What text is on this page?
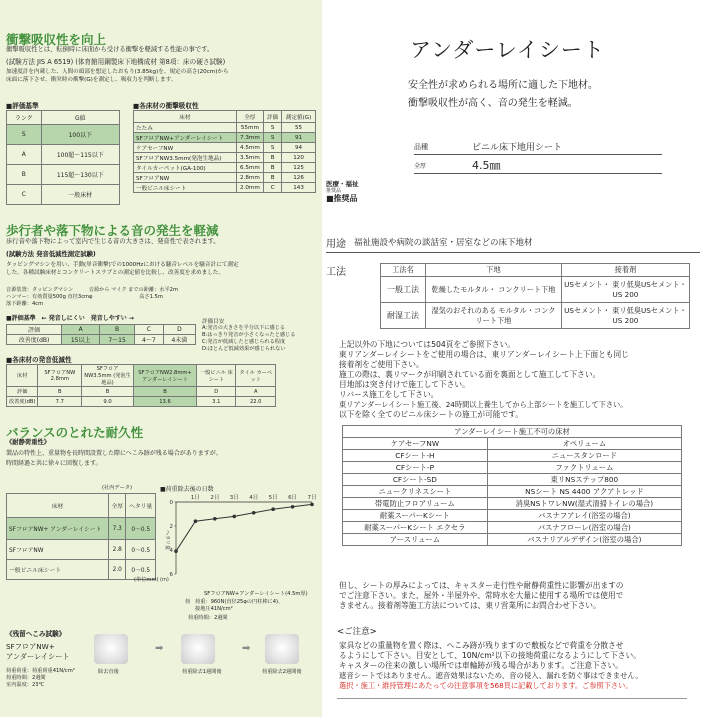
衝撃吸収性を向上
衝撃吸収性とは、転倒時に床面から受ける衝撃を軽減する性能の事です。
(試験方法 JIS A 6519) (体育館用鋼製床下地構成材 第8項：床の硬さ試験)
加速度計を内蔵した、人間の頭部を想定したおもり(3.85kg)を、規定の高さ(20cm)から
床面に落下させ、衝突時の衝撃(G)を測定し、吸収力を判断します。
■評価基準
ランク	G値
S	100以下
A	100超〜115以下
B	115超〜130以下
C	一般床材
■各床材の衝撃吸収性
床材	全厚	評価	測定値(G)
たたみ	55mm	S	55
SFフロアNW+アンダーレイシート	7.3mm	S	91
ケアセーフNW	4.5mm	S	94
SFフロアNW3.5mm(発泡生地品)	3.5mm	B	120
タイルカーペット(GA-100)	6.5mm	B	125
SFフロアNW	2.8mm	B	126
一般ビニル床シート	2.0mm	C	143
歩行者や落下物による音の発生を軽減
歩行音や落下物によって室内で生じる音の大きさは、発音性で表されます。
(試験方法 発音低減性測定試験)
タッピングマシンを用い、手動(単音衝撃)での1000Hzにおける騒音レベルを騒音計にて測定
した。各種試験床材とコンクリートスラブとの測定値を比較し、改善度を求めました。
音源装置：タッピングマシン　　　音源から マイク までの距離：水平2m
ハンマー：有効質量500g 直径3cmφ　　　　　　　　　高さ1.5m
落下距離：4cm
■評価基準　← 発音しにくい　発音しやすい →
評価	A	B	C	D
改善度(dB)	15以上	7〜15	4〜7	4未満
評価目安
A:発音の大きさを半分以下に感じる
B:はっきり発音が小さくなったと感じる
C:発音が低減したと感じられる程度
D:ほとんど低減効果が感じられない
■各床材の発音低減性
床材	SFフロアNW 2.8mm	SFフロアNW3.5mm (発泡生地品)	SFフロアNW2.8mm+ アンダーレイシート	一般ビニル 床シート	タイル カーペット
評価	B	B	B	D	A
改善度(dB)	7.7	9.0	13.6	3.1	22.0
バランスのとれた耐久性
《耐静荷重性》
製品の特性上、重量物を長時間設置した際にへこみ跡が残る場合がありますが、
時間経過と共に徐々に回復します。
(社内データ)
床材	全厚	ヘタリ量
SFフロアNW+ アンダーレイシート	7.3	0〜0.5
SFフロアNW	2.8	0〜0.5
一般ビニル床シート	2.0	0〜0.5
(単位mm)
■荷重除去後の日数
0
2
4
6
1日 2日 3日 4日 5日 6日 7日
ヘタリ量
(m)
SFフロアNW+アンダーレイシート(4.5m厚)
荷 荷重：960N(直径25φの円柱棒に4)、
接地圧41N/cm²
荷重時間：2週間
《残留へこみ試験》
SFフロアNW+
アンダーレイシート
荷重荷重：荷重荷重41N/cm²
荷重時間：2週間
室内温度：23℃
➡	➡
除去直後	荷重除去1週間後	荷重除去2週間後
アンダーレイシート
安全性が求められる場所に適した下地材。
衝撃吸収性が高く、音の発生を軽減。
品種	ビニル床下地用シート
全厚	4.5㎜
医療・福祉
推奨品
■推奨品
用途 福祉施設や病院の談話室・居室などの床下地材
工法	工法名	下地	接着剤
一般工法	乾燥したモルタル・ コンクリート下地	USセメント・ 東リ低臭USセメント・US 200
耐湿工法	湿気のおそれのある モルタル・コンクリート下地	USセメント・ 東リ低臭USセメント・US 200
上記以外の下地については504頁をご参照下さい。
東リアンダーレイシートをご使用の場合は、東リアンダーレイシート上下面とも同じ
接着剤をご使用下さい。
施工の際は、裏リマークが印刷されている面を裏面として施工して下さい。
目地部は突き付けで施工して下さい。
リバース施工をして下さい。
東リアンダーレイシート施工後、24時間以上養生してから上部シートを施工して下さい。
以下を除く全てのビニル床シートの施工が可能です。
アンダーレイシート施工不可の床材	
ケアセーフNW	オペリューム
CFシート-H	ニュースタンロード
CFシート-P	ファクトリューム
CFシート-SD	東リNSステップ800
ニュークリネスシート	NSシート NS 4400 アクアトレッド
帯電防止フロアリューム	消臭NSトワレNW(湿式清掃トイレの場合)
耐薬スーパーKシート	バスナフアレイ(浴室の場合)
耐薬スーパーKシート エクセラ	バスナフローレ(浴室の場合)
アースリューム	バスナリアルデザイン(浴室の場合)
但し、シートの厚みによっては、キャスター走行性や耐静荷重性に影響が出ますの
でご注意下さい。また、屋外・半屋外や、常時水を大量に使用する場所では使用で
きません。接着剤等施工方法については、東リ営業所にお問合わせ下さい。
<ご注意>
家具などの重量物を置く際は、へこみ跡が残りますので敷板などで荷重を分散させ
るようにして下さい。目安として、10N/cm²以下の接地荷重になるようにして下さい。
キャスターの往来の激しい場所では車輪跡が残る場合があります。ご注意下さい。
遮音シートではありません。遮音効果はないため、音の侵入、漏れを防ぐ事はできません。
選択・施工・維持管理にあたっての注意事項を568頁に記載しております。ご参照下さい。
